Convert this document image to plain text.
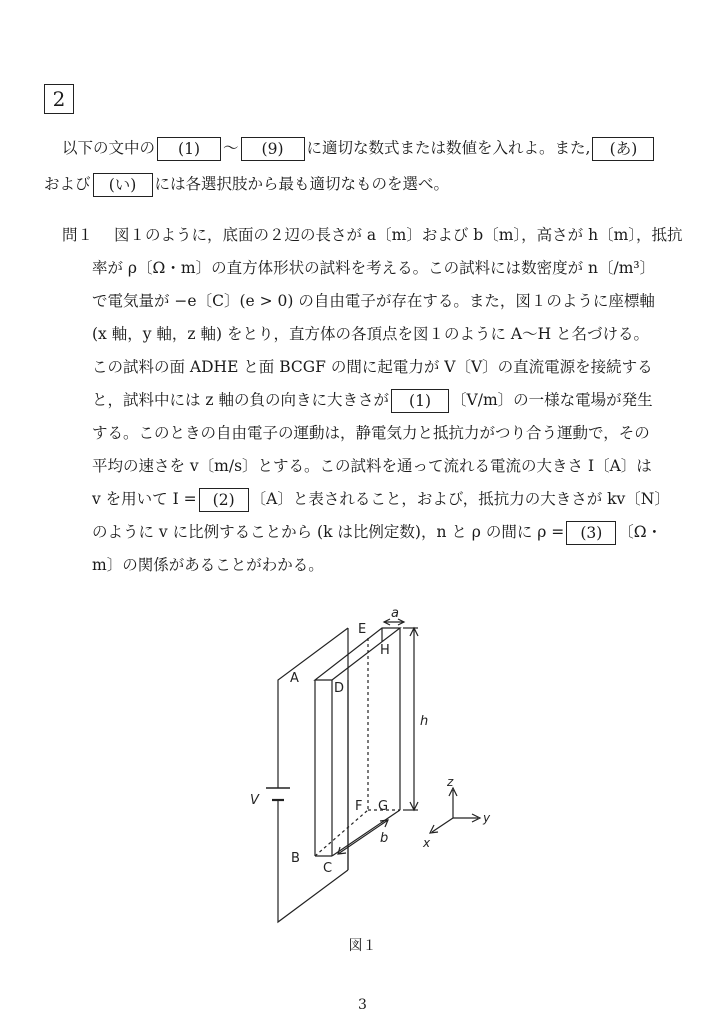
2
以下の文中の (1) ～ (9) に適切な数式または数値を入れよ。また, (あ)
および (い) には各選択肢から最も適切なものを選べ。
問１ 図１のように，底面の２辺の長さが a〔m〕および b〔m〕，高さが h〔m〕，抵抗
率が ρ〔Ω・m〕の直方体形状の試料を考える。この試料には数密度が n〔/m³〕
で電気量が −e〔C〕(e > 0) の自由電子が存在する。また，図１のように座標軸
(x 軸，y 軸，z 軸) をとり，直方体の各頂点を図１のように A～H と名づける。
この試料の面 ADHE と面 BCGF の間に起電力が V〔V〕の直流電源を接続する
と，試料中には z 軸の負の向きに大きさが (1) 〔V/m〕の一様な電場が発生
する。このときの自由電子の運動は，静電気力と抵抗力がつり合う運動で，その
平均の速さを v〔m/s〕とする。この試料を通って流れる電流の大きさ I〔A〕は
v を用いて I = (2) 〔A〕と表されること，および，抵抗力の大きさが kv〔N〕
のように v に比例することから (k は比例定数)，n と ρ の間に ρ = (3) 〔Ω・
m〕の関係があることがわかる。
E
H
A
D
F G
B
C
a
b
h
V
z
y
x
図１
3
